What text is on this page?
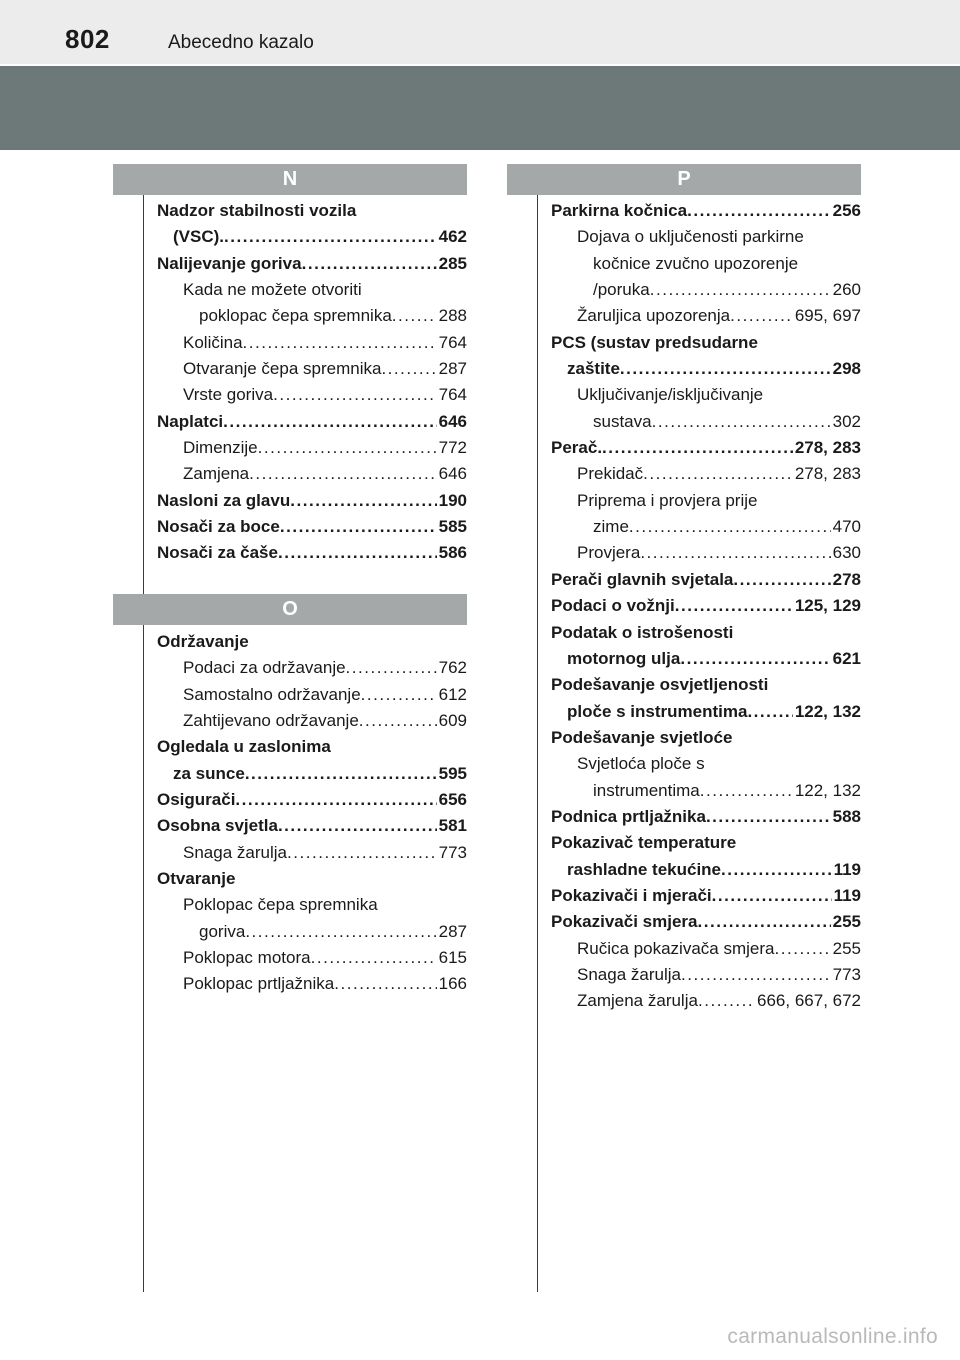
802	Abecedno kazalo
N
Nadzor stabilnosti vozila
(VSC). . . .	462
Nalijevanje goriva . . .	285
Kada ne možete otvoriti
poklopac čepa spremnika . . .	288
Količina . . .	764
Otvaranje čepa spremnika . . .	287
Vrste goriva . . .	764
Naplatci . . .	646
Dimenzije . . .	772
Zamjena . . .	646
Nasloni za glavu . . .	190
Nosači za boce . . .	585
Nosači za čaše . . .	586
O
Održavanje
Podaci za održavanje . . .	762
Samostalno održavanje . . .	612
Zahtijevano održavanje . . .	609
Ogledala u zaslonima
za sunce . . .	595
Osigurači . . .	656
Osobna svjetla . . .	581
Snaga žarulja . . .	773
Otvaranje
Poklopac čepa spremnika
goriva . . .	287
Poklopac motora . . .	615
Poklopac prtljažnika . . .	166
P
Parkirna kočnica . . .	256
Dojava o uključenosti parkirne
kočnice zvučno upozorenje
/poruka . . .	260
Žaruljica upozorenja . . .	695, 697
PCS (sustav predsudarne
zaštite . . .	298
Uključivanje/isključivanje
sustava . . .	302
Perač. . . .	278, 283
Prekidač . . .	278, 283
Priprema i provjera prije
zime . . .	470
Provjera . . .	630
Perači glavnih svjetala . . .	278
Podaci o vožnji . . .	125, 129
Podatak o istrošenosti
motornog ulja . . .	621
Podešavanje osvjetljenosti
ploče s instrumentima . . .	122, 132
Podešavanje svjetloće
Svjetloća ploče s
instrumentima . . .	122, 132
Podnica prtljažnika . . .	588
Pokazivač temperature
rashladne tekućine . . .	119
Pokazivači i mjerači . . .	119
Pokazivači smjera . . .	255
Ručica pokazivača smjera . . .	255
Snaga žarulja . . .	773
Zamjena žarulja . . .	666, 667, 672
carmanualsonline.info
